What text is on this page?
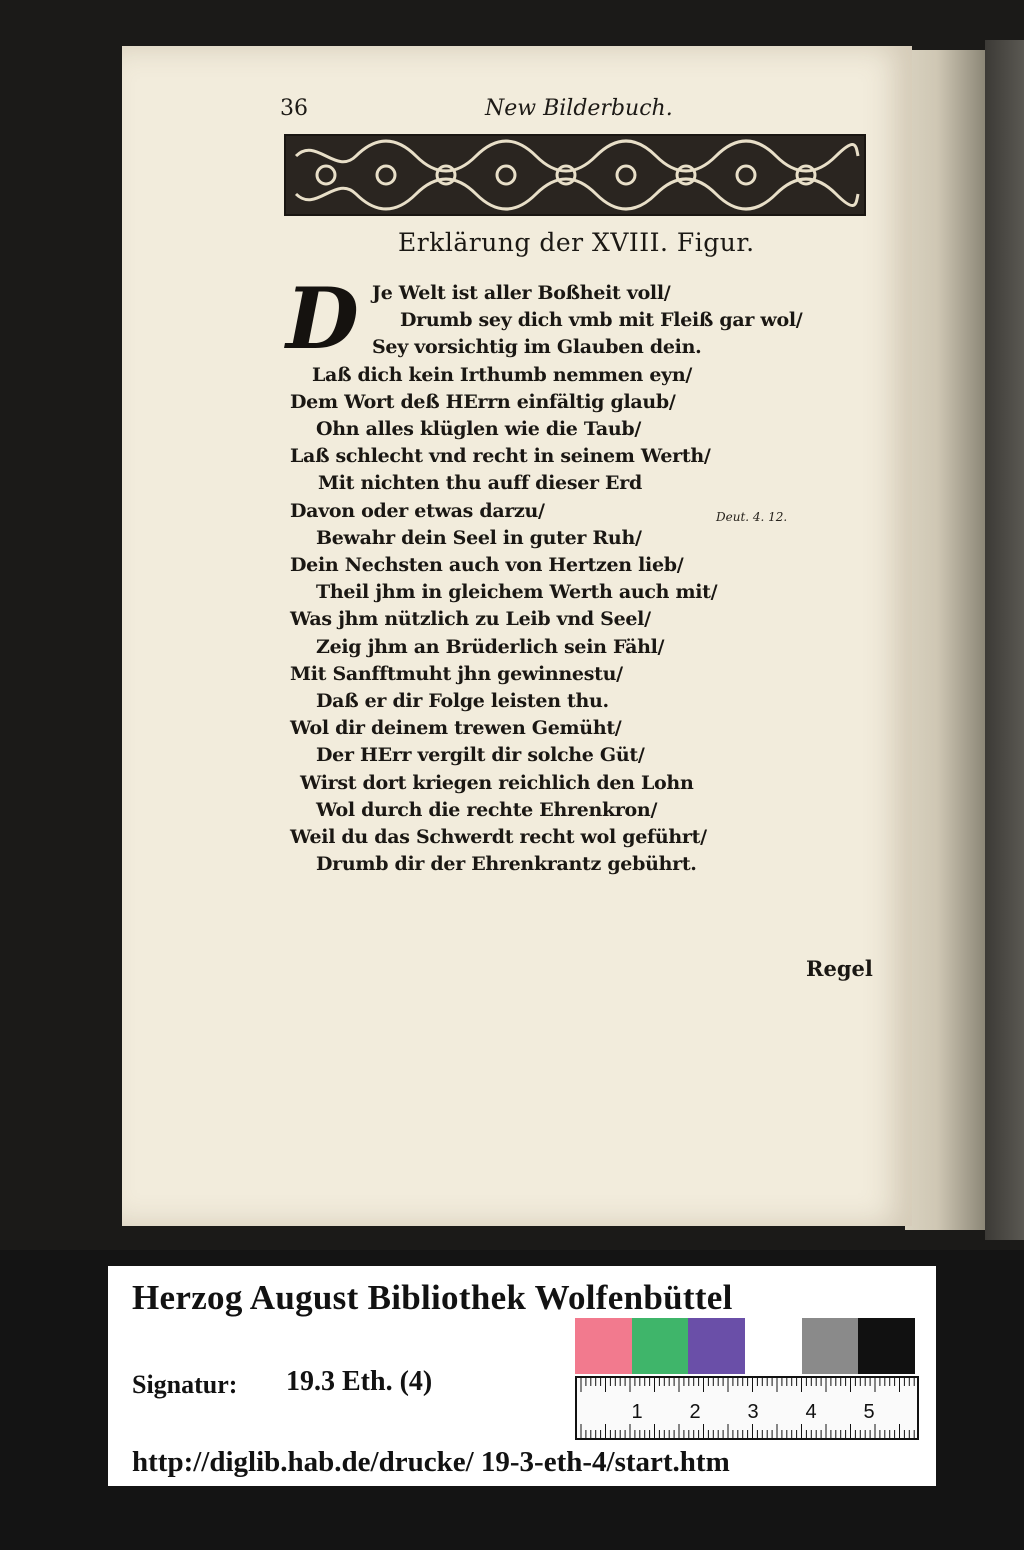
36	New Bilderbuch.
Erklärung der XVIII. Figur.
D Je Welt ist aller Boßheit voll/
Drumb sey dich vmb mit Fleiß gar wol/
Sey vorsichtig im Glauben dein.
Laß dich kein Irthumb nemmen eyn/
Dem Wort deß HErrn einfältig glaub/
Ohn alles klüglen wie die Taub/
Laß schlecht vnd recht in seinem Werth/
Mit nichten thu auff dieser Erd
Davon oder etwas darzu/
Bewahr dein Seel in guter Ruh/
Dein Nechsten auch von Hertzen lieb/
Theil jhm in gleichem Werth auch mit/
Was jhm nützlich zu Leib vnd Seel/
Zeig jhm an Brüderlich sein Fähl/
Mit Sanfftmuht jhn gewinnestu/
Daß er dir Folge leisten thu.
Wol dir deinem trewen Gemüht/
Der HErr vergilt dir solche Güt/
Wirst dort kriegen reichlich den Lohn
Wol durch die rechte Ehrenkron/
Weil du das Schwerdt recht wol geführt/
Drumb dir der Ehrenkrantz gebührt.
Deut. 4. 12.
Regel
Herzog August Bibliothek Wolfenbüttel
Signatur: 19.3 Eth. (4)
1 2 3 4 5
http://diglib.hab.de/drucke/ 19-3-eth-4/start.htm
